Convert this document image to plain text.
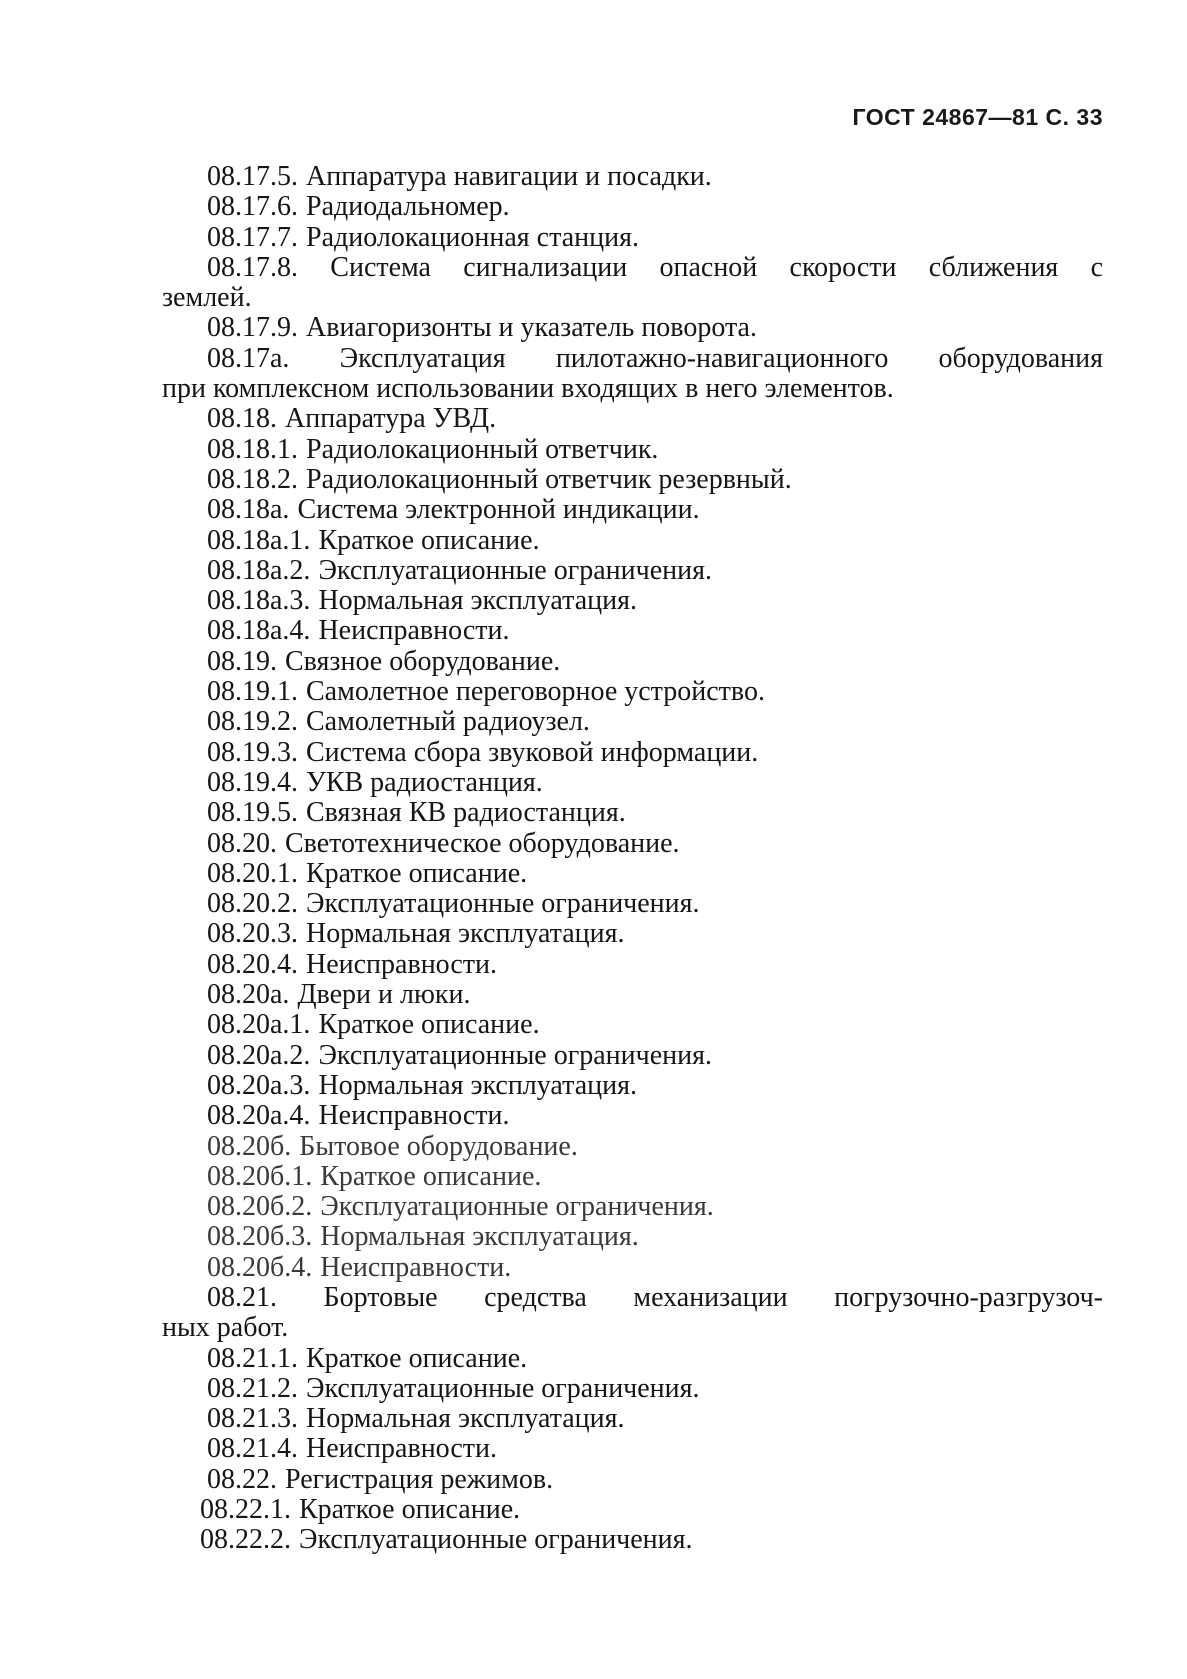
ГОСТ 24867—81 С. 33

08.17.5. Аппаратура навигации и посадки.

08.17.6. Радиодальномер.

08.17.7. Радиолокационная станция.

08.17.8. Система сигнализации опасной скорости сближения с
землей.

08.17.9. Авиагоризонты и указатель поворота.

08.17а. Эксплуатация пилотажно-навигационного оборудования
при комплексном использовании входящих в него элементов.

08.18. Аппаратура УВД.

08.18.1. Радиолокационный ответчик.

08.18.2. Радиолокационный ответчик резервный.

08.18а. Система электронной индикации.

08.18а.1. Краткое описание.

08.18а.2. Эксплуатационные ограничения.

08.18а.3. Нормальная эксплуатация.

08.18а.4. Неисправности.

08.19. Связное оборудование.

08.19.1. Самолетное переговорное устройство.

08.19.2. Самолетный радиоузел.

08.19.3. Система сбора звуковой информации.

08.19.4. УКВ радиостанция.

08.19.5. Связная КВ радиостанция.

08.20. Светотехническое оборудование.

08.20.1. Краткое описание.

08.20.2. Эксплуатационные ограничения.

08.20.3. Нормальная эксплуатация.

08.20.4. Неисправности.

08.20а. Двери и люки.

08.20а.1. Краткое описание.

08.20а.2. Эксплуатационные ограничения.

08.20а.3. Нормальная эксплуатация.

08.20а.4. Неисправности.

08.20б. Бытовое оборудование.

08.20б.1. Краткое описание.

08.20б.2. Эксплуатационные ограничения.

08.20б.3. Нормальная эксплуатация.

08.20б.4. Неисправности.

08.21. Бортовые средства механизации погрузочно-разгрузоч-
ных работ.

08.21.1. Краткое описание.

08.21.2. Эксплуатационные ограничения.

08.21.3. Нормальная эксплуатация.

08.21.4. Неисправности.

08.22. Регистрация режимов.

08.22.1. Краткое описание.

08.22.2. Эксплуатационные ограничения.
